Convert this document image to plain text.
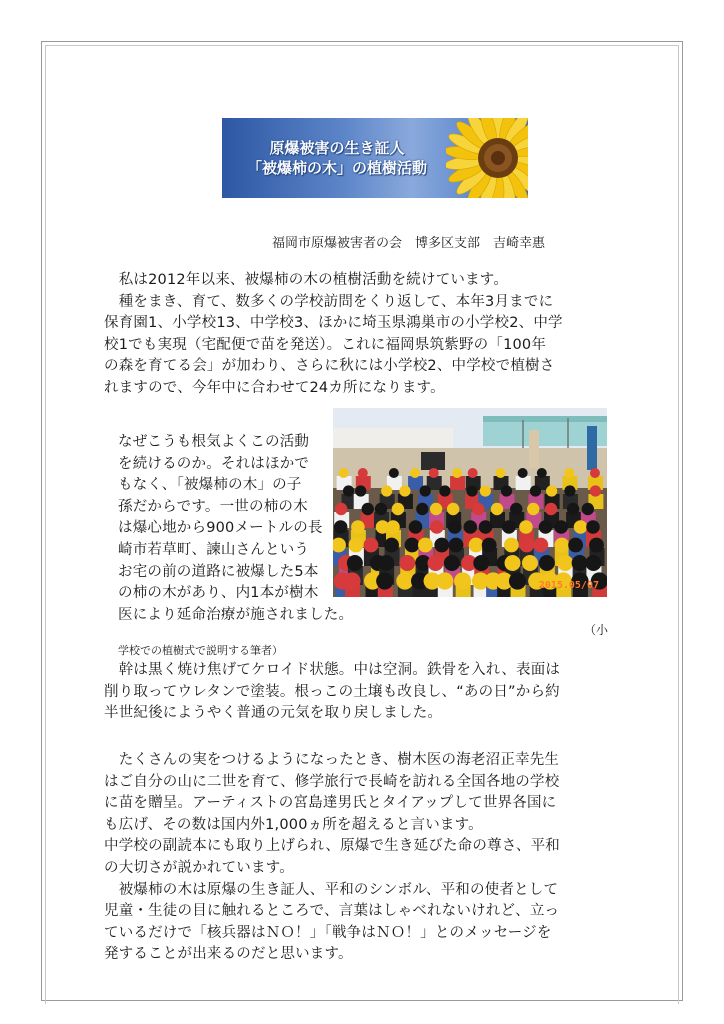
原爆被害の生き証人
「被爆柿の木」の植樹活動
福岡市原爆被害者の会　博多区支部　吉崎幸惠
　私は2012年以来、被爆柿の木の植樹活動を続けています。
　種をまき、育て、数多くの学校訪問をくり返して、本年3月までに
保育園1、小学校13、中学校3、ほかに埼玉県鴻巣市の小学校2、中学
校1でも実現（宅配便で苗を発送）。これに福岡県筑紫野の「100年
の森を育てる会」が加わり、さらに秋には小学校2、中学校で植樹さ
れますので、今年中に合わせて24カ所になります。
なぜこうも根気よくこの活動
を続けるのか。それはほかで
もなく、「被爆柿の木」の子
孫だからです。一世の柿の木
は爆心地から900メートルの長
崎市若草町、諫山さんという
お宅の前の道路に被爆した5本
の柿の木があり、内1本が樹木
医により延命治療が施されました。
2015.05/07
（小
学校での植樹式で説明する筆者）
　幹は黒く焼け焦げてケロイド状態。中は空洞。鉄骨を入れ、表面は
削り取ってウレタンで塗装。根っこの土壌も改良し、“あの日”から約
半世紀後にようやく普通の元気を取り戻しました。
　たくさんの実をつけるようになったとき、樹木医の海老沼正幸先生
はご自分の山に二世を育て、修学旅行で長崎を訪れる全国各地の学校
に苗を贈呈。アーティストの宮島達男氏とタイアップして世界各国に
も広げ、その数は国内外1,000ヵ所を超えると言います。
中学校の副読本にも取り上げられ、原爆で生き延びた命の尊さ、平和
の大切さが説かれています。
　被爆柿の木は原爆の生き証人、平和のシンボル、平和の使者として
児童・生徒の目に触れるところで、言葉はしゃべれないけれど、立っ
ているだけで「核兵器はＮＯ！」「戦争はＮＯ！」とのメッセージを
発することが出来るのだと思います。
